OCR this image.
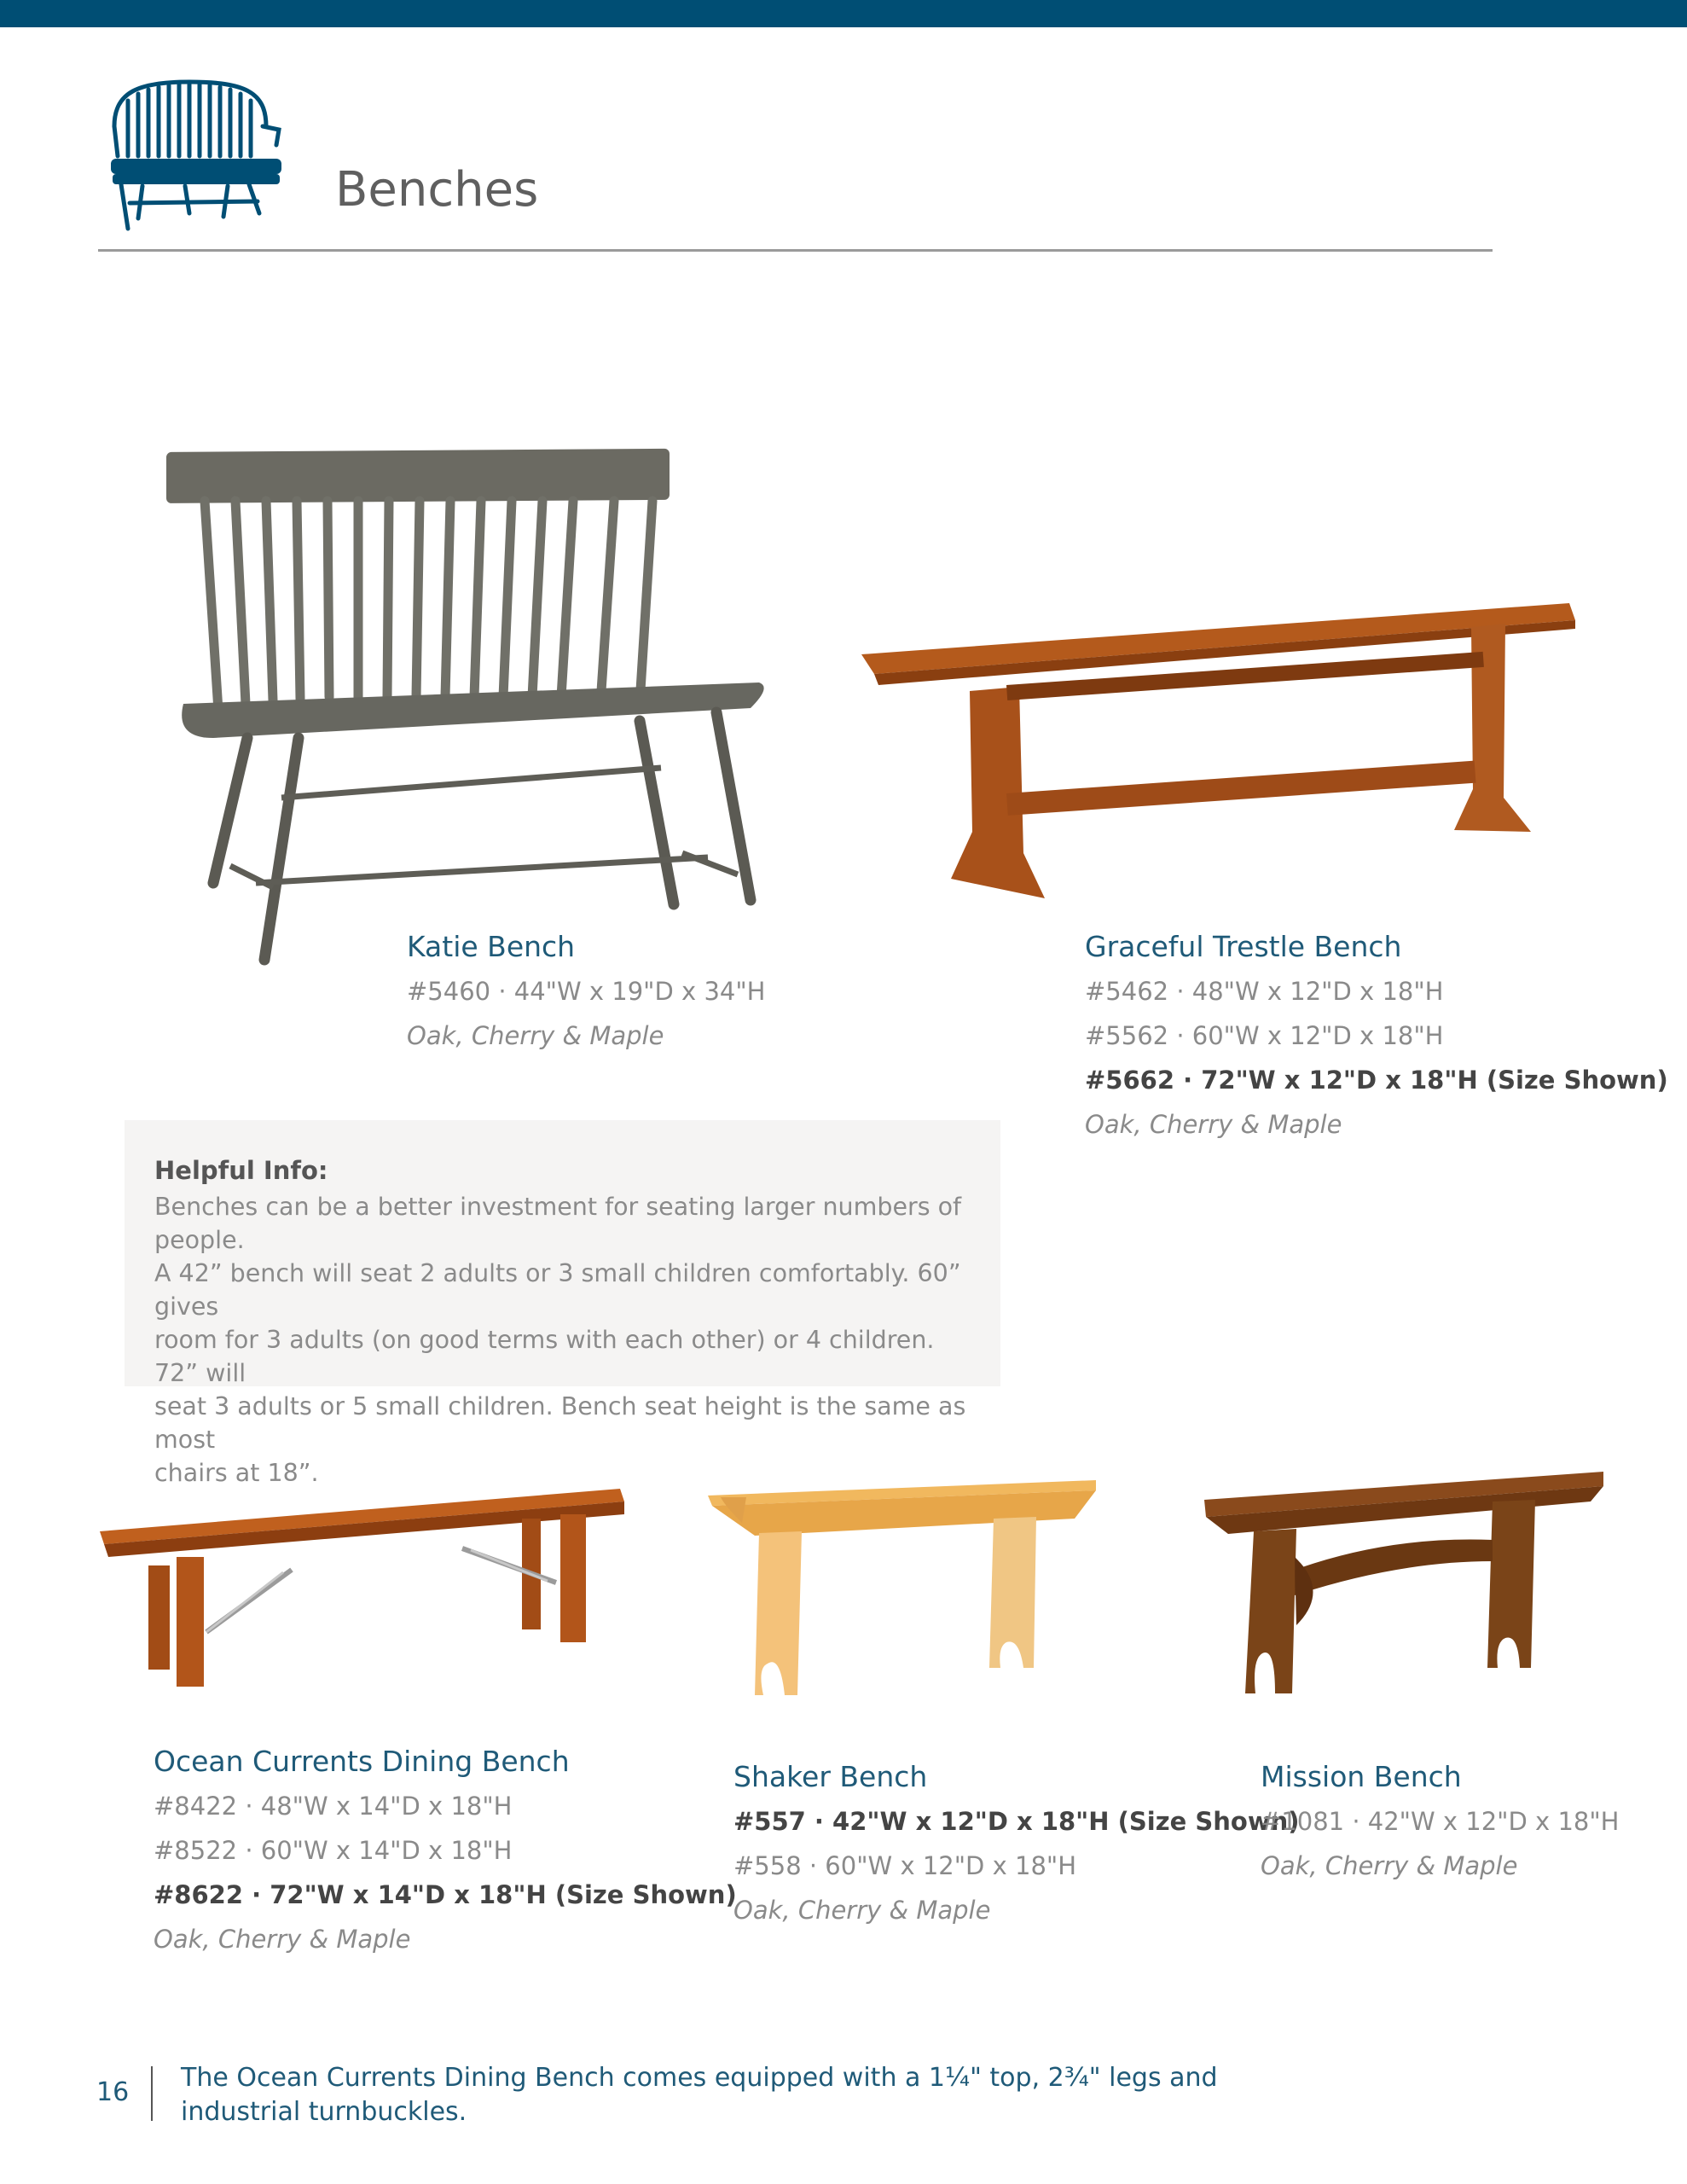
Benches
Katie Bench
#5460 · 44"W x 19"D x 34"H
Oak, Cherry & Maple
Graceful Trestle Bench
#5462 · 48"W x 12"D x 18"H
#5562 · 60"W x 12"D x 18"H
#5662 · 72"W x 12"D x 18"H (Size Shown)
Oak, Cherry & Maple
Helpful Info:

Benches can be a better investment for seating larger numbers of people.
A 42” bench will seat 2 adults or 3 small children comfortably. 60” gives
room for 3 adults (on good terms with each other) or 4 children. 72” will
seat 3 adults or 5 small children. Bench seat height is the same as most
chairs at 18”.

Ocean Currents Dining Bench
#8422 · 48"W x 14"D x 18"H
#8522 · 60"W x 14"D x 18"H
#8622 · 72"W x 14"D x 18"H (Size Shown)
Oak, Cherry & Maple
Shaker Bench
#557 · 42"W x 12"D x 18"H (Size Shown)
#558 · 60"W x 12"D x 18"H
Oak, Cherry & Maple
Mission Bench
#1081 · 42"W x 12"D x 18"H
Oak, Cherry & Maple
16 The Ocean Currents Dining Bench comes equipped with a 1¼" top, 2¾" legs and industrial turnbuckles.
